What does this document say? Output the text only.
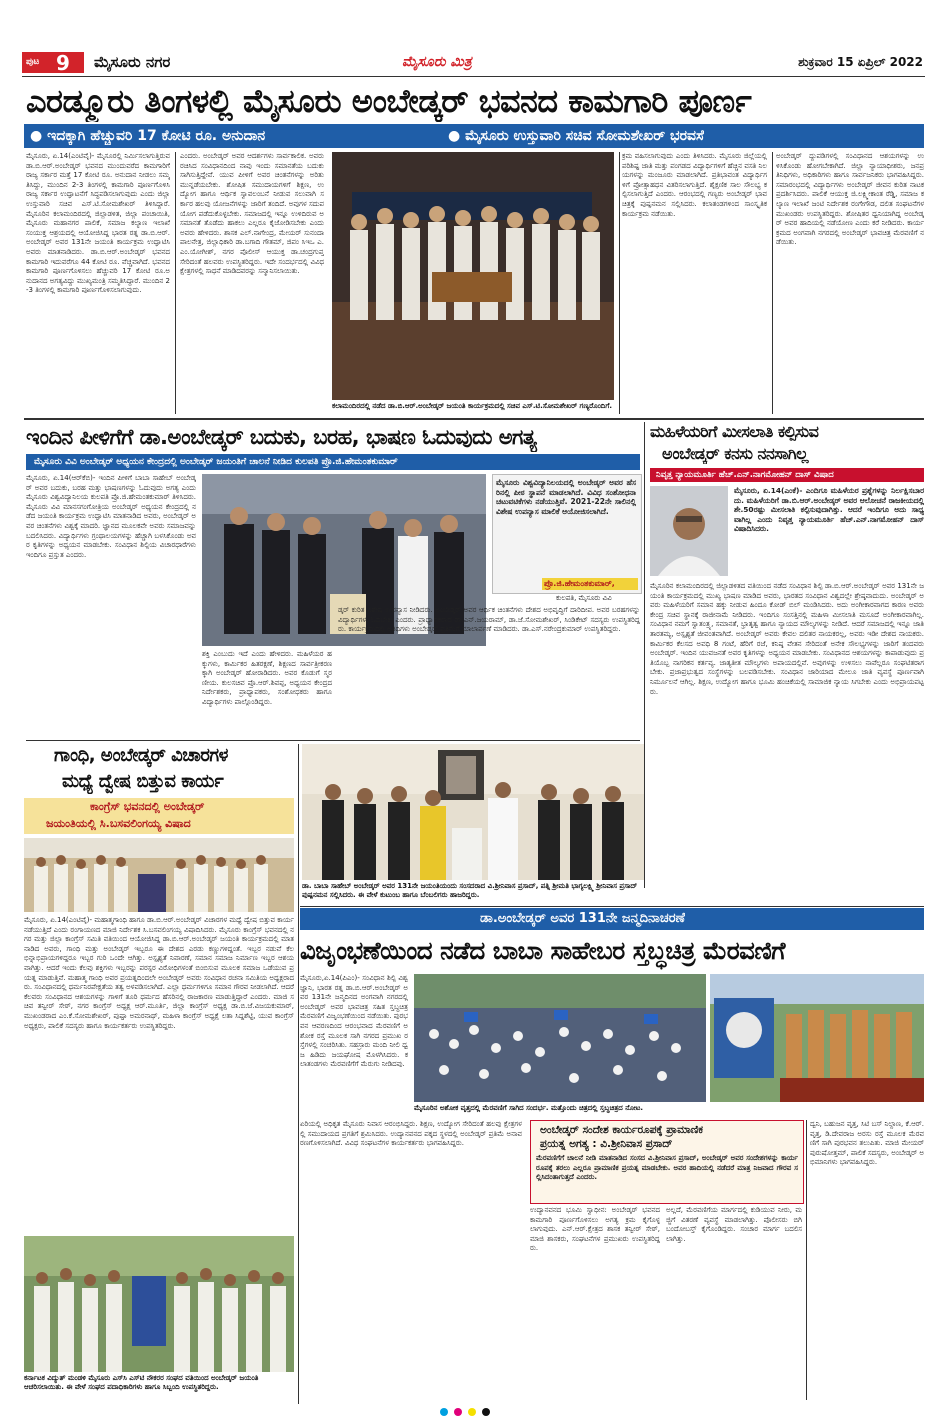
ಪುಟ 9 ಮೈಸೂರು ನಗರ	ಮೈಸೂರು ಮಿತ್ರ	ಶುಕ್ರವಾರ 15 ಏಪ್ರಿಲ್ 2022
ಎರಡ್ಮೂರು ತಿಂಗಳಲ್ಲಿ ಮೈಸೂರು ಅಂಬೇಡ್ಕರ್ ಭವನದ ಕಾಮಗಾರಿ ಪೂರ್ಣ
● ಇದಕ್ಕಾಗಿ ಹೆಚ್ಚುವರಿ 17 ಕೋಟಿ ರೂ. ಅನುದಾನ	● ಮೈಸೂರು ಉಸ್ತುವಾರಿ ಸಚಿವ ಸೋಮಶೇಖರ್ ಭರವಸೆ
ಮೈಸೂರು, ಏ.14(ಎಂಟಿವೈ)- ಮೈಸೂರಲ್ಲಿ ನಿರ್ಮಿಸಲಾಗುತ್ತಿರುವ ಡಾ.ಬಿ.ಆರ್.ಅಂಬೇಡ್ಕರ್ ಭವನದ ಮುಂದುವರೆದ ಕಾಮಗಾರಿಗೆ ರಾಜ್ಯ ಸರ್ಕಾರ ಮತ್ತೆ 17 ಕೋಟಿ ರೂ. ಅನುದಾನ ನೀಡಲು ಸಮ್ಮತಿಸಿದ್ದು, ಮುಂದಿನ 2-3 ತಿಂಗಳಲ್ಲಿ ಕಾಮಗಾರಿ ಪೂರ್ಣಗೊಳಿಸಿ ರಾಜ್ಯ ಸರ್ಕಾರ ಉದ್ಘಾಟನೆಗೆ ಸಿದ್ಧಪಡಿಸಲಾಗುವುದು ಎಂದು ಜಿಲ್ಲಾ ಉಸ್ತುವಾರಿ ಸಚಿವ ಎಸ್.ಟಿ.ಸೋಮಶೇಖರ್ ತಿಳಿಸಿದ್ದಾರೆ. ಮೈಸೂರಿನ ಕಲಾಮಂದಿರದಲ್ಲಿ ಜಿಲ್ಲಾಡಳಿತ, ಜಿಲ್ಲಾ ಪಂಚಾಯಿತಿ, ಮೈಸೂರು ಮಹಾನಗರ ಪಾಲಿಕೆ, ಸಮಾಜ ಕಲ್ಯಾಣ ಇಲಾಖೆ ಸಂಯುಕ್ತ ಆಶ್ರಯದಲ್ಲಿ ಆಯೋಜಿಸಿದ್ದ ಭಾರತ ರತ್ನ ಡಾ.ಬಿ.ಆರ್.ಅಂಬೇಡ್ಕರ್ ಅವರ 131ನೇ ಜಯಂತಿ ಕಾರ್ಯಕ್ರಮ ಉದ್ಘಾಟಿಸಿ ಅವರು ಮಾತನಾಡಿದರು. ಡಾ.ಬಿ.ಆರ್.ಅಂಬೇಡ್ಕರ್ ಭವನದ ಕಾಮಗಾರಿ ಇದುವರೆಗೂ 44 ಕೋಟಿ ರೂ. ವೆಚ್ಚವಾಗಿದೆ. ಭವನದ ಕಾಮಗಾರಿ ಪೂರ್ಣಗೊಳಿಸಲು ಹೆಚ್ಚುವರಿ 17 ಕೋಟಿ ರೂ.ಅನುದಾನದ ಅಗತ್ಯವಿದ್ದು ಮುಖ್ಯಮಂತ್ರಿ ಸಮ್ಮತಿಸಿದ್ದಾರೆ. ಮುಂದಿನ 2-3 ತಿಂಗಳಲ್ಲಿ ಕಾಮಗಾರಿ ಪೂರ್ಣಗೊಳಿಸಲಾಗುವುದು.
ಎಂದರು. ಅಂಬೇಡ್ಕರ್ ಅವರ ಆದರ್ಶಗಳು ಸಾರ್ವಕಾಲಿಕ. ಅವರು ರಚಿಸಿದ ಸಂವಿಧಾನದಿಂದ ನಾವು ಇಂದು ಸಮಾನತೆಯ ಬದುಕು ಸಾಗಿಸುತ್ತಿದ್ದೇವೆ. ಯುವ ಪೀಳಿಗೆ ಅವರ ಚಿಂತನೆಗಳನ್ನು ಅರಿತು ಮುನ್ನಡೆಯಬೇಕು. ಶೋಷಿತ ಸಮುದಾಯಗಳಿಗೆ ಶಿಕ್ಷಣ, ಉದ್ಯೋಗ ಹಾಗೂ ಆರ್ಥಿಕ ಸ್ವಾವಲಂಬನೆ ನೀಡುವ ಸಲುವಾಗಿ ಸರ್ಕಾರ ಹಲವು ಯೋಜನೆಗಳನ್ನು ಜಾರಿಗೆ ತಂದಿದೆ. ಅವುಗಳ ಸದುಪಯೋಗ ಪಡೆದುಕೊಳ್ಳಬೇಕು. ಸಮಾಜದಲ್ಲಿ ಇನ್ನೂ ಉಳಿದಿರುವ ಅಸಮಾನತೆ ತೊಡೆದು ಹಾಕಲು ಎಲ್ಲರೂ ಕೈಜೋಡಿಸಬೇಕು ಎಂದು ಅವರು ಹೇಳಿದರು. ಶಾಸಕ ಎಲ್.ನಾಗೇಂದ್ರ, ಮೇಯರ್ ಸುನಂದಾ ಪಾಲನೇತ್ರ, ಜಿಲ್ಲಾಧಿಕಾರಿ ಡಾ.ಬಗಾದಿ ಗೌತಮ್, ಜಿಪಂ ಸಿಇಒ ಎ.ಎಂ.ಯೋಗೀಶ್, ನಗರ ಪೊಲೀಸ್ ಆಯುಕ್ತ ಡಾ.ಚಂದ್ರಗುಪ್ತ ಸೇರಿದಂತೆ ಹಲವರು ಉಪಸ್ಥಿತರಿದ್ದರು. ಇದೇ ಸಂದರ್ಭದಲ್ಲಿ ವಿವಿಧ ಕ್ಷೇತ್ರಗಳಲ್ಲಿ ಸಾಧನೆ ಮಾಡಿದವರನ್ನು ಸನ್ಮಾನಿಸಲಾಯಿತು.
ಕಲಾಮಂದಿರದಲ್ಲಿ ನಡೆದ ಡಾ.ಬಿ.ಆರ್.ಅಂಬೇಡ್ಕರ್ ಜಯಂತಿ ಕಾರ್ಯಕ್ರಮದಲ್ಲಿ ಸಚಿವ ಎಸ್.ಟಿ.ಸೋಮಶೇಖರ್ ಗಣ್ಯರೊಂದಿಗೆ.
ಕ್ರಮ ವಹಿಸಲಾಗುವುದು ಎಂದು ತಿಳಿಸಿದರು. ಮೈಸೂರು ಜಿಲ್ಲೆಯಲ್ಲಿ ಪರಿಶಿಷ್ಟ ಜಾತಿ ಮತ್ತು ಪಂಗಡದ ವಿದ್ಯಾರ್ಥಿಗಳಿಗೆ ಹೆಚ್ಚಿನ ವಸತಿ ನಿಲಯಗಳನ್ನು ಮಂಜೂರು ಮಾಡಲಾಗಿದೆ. ಪ್ರತಿಭಾವಂತ ವಿದ್ಯಾರ್ಥಿಗಳಿಗೆ ಪ್ರೋತ್ಸಾಹಧನ ವಿತರಿಸಲಾಗುತ್ತಿದೆ. ಶೈಕ್ಷಣಿಕ ಸಾಲ ಸೌಲಭ್ಯ ಕಲ್ಪಿಸಲಾಗುತ್ತಿದೆ ಎಂದರು. ಆರಂಭದಲ್ಲಿ ಗಣ್ಯರು ಅಂಬೇಡ್ಕರ್ ಭಾವಚಿತ್ರಕ್ಕೆ ಪುಷ್ಪನಮನ ಸಲ್ಲಿಸಿದರು. ಕಲಾತಂಡಗಳಿಂದ ಸಾಂಸ್ಕೃತಿಕ ಕಾರ್ಯಕ್ರಮ ನಡೆಯಿತು.
ಅಂಬೇಡ್ಕರ್ ದ್ದುಪಡಿಗಳಲ್ಲಿ ಸಂವಿಧಾನದ ಆಶಯಗಳನ್ನು ಉಳಿಸಿಕೊಂಡು ಹೋಗಬೇಕಾಗಿದೆ. ಜಿಲ್ಲಾ ನ್ಯಾಯಾಧೀಶರು, ಜನಪ್ರತಿನಿಧಿಗಳು, ಅಧಿಕಾರಿಗಳು ಹಾಗೂ ಸಾರ್ವಜನಿಕರು ಭಾಗವಹಿಸಿದ್ದರು. ಸಮಾರಂಭದಲ್ಲಿ ವಿದ್ಯಾರ್ಥಿಗಳು ಅಂಬೇಡ್ಕರ್ ಜೀವನ ಕುರಿತ ನಾಟಕ ಪ್ರದರ್ಶಿಸಿದರು. ಪಾಲಿಕೆ ಆಯುಕ್ತ ಜಿ.ಲಕ್ಷ್ಮೀಕಾಂತ ರೆಡ್ಡಿ, ಸಮಾಜ ಕಲ್ಯಾಣ ಇಲಾಖೆ ಜಂಟಿ ನಿರ್ದೇಶಕ ರಂಗೇಗೌಡ, ದಲಿತ ಸಂಘಟನೆಗಳ ಮುಖಂಡರು ಉಪಸ್ಥಿತರಿದ್ದರು. ಶೋಷಿತರ ಧ್ವನಿಯಾಗಿದ್ದ ಅಂಬೇಡ್ಕರ್ ಅವರ ಹಾದಿಯಲ್ಲಿ ನಡೆಯೋಣ ಎಂದು ಕರೆ ನೀಡಿದರು. ಕಾರ್ಯಕ್ರಮದ ಅಂಗವಾಗಿ ನಗರದಲ್ಲಿ ಅಂಬೇಡ್ಕರ್ ಭಾವಚಿತ್ರ ಮೆರವಣಿಗೆ ನಡೆಯಿತು.
ಇಂದಿನ ಪೀಳಿಗೆಗೆ ಡಾ.ಅಂಬೇಡ್ಕರ್ ಬದುಕು, ಬರಹ, ಭಾಷಣ ಓದುವುದು ಅಗತ್ಯ
ಮೈಸೂರು ವಿವಿ ಅಂಬೇಡ್ಕರ್ ಅಧ್ಯಯನ ಕೇಂದ್ರದಲ್ಲಿ ಅಂಬೇಡ್ಕರ್ ಜಯಂತಿಗೆ ಚಾಲನೆ ನೀಡಿದ ಕುಲಪತಿ ಪ್ರೊ.ಜಿ.ಹೇಮಂತಕುಮಾರ್
ಮೈಸೂರು, ಏ.14(ಆರ್‌ಕೆಬಿ)- ಇಂದಿನ ಪೀಳಿಗೆ ಬಾಬಾ ಸಾಹೇಬ್ ಅಂಬೇಡ್ಕರ್ ಅವರ ಬದುಕು, ಬರಹ ಮತ್ತು ಭಾಷಣಗಳನ್ನು ಓದುವುದು ಅಗತ್ಯ ಎಂದು ಮೈಸೂರು ವಿಶ್ವವಿದ್ಯಾನಿಲಯ ಕುಲಪತಿ ಪ್ರೊ.ಜಿ.ಹೇಮಂತಕುಮಾರ್ ತಿಳಿಸಿದರು. ಮೈಸೂರು ವಿವಿ ಮಾನಸಗಂಗೋತ್ರಿಯ ಅಂಬೇಡ್ಕರ್ ಅಧ್ಯಯನ ಕೇಂದ್ರದಲ್ಲಿ ನಡೆದ ಜಯಂತಿ ಕಾರ್ಯಕ್ರಮ ಉದ್ಘಾಟಿಸಿ ಮಾತನಾಡಿದ ಅವರು, ಅಂಬೇಡ್ಕರ್ ಅವರ ಚಿಂತನೆಗಳು ವಿಶ್ವಕ್ಕೆ ಮಾದರಿ. ಜ್ಞಾನದ ಮೂಲಕವೇ ಅವರು ಸಮಾಜವನ್ನು ಬದಲಿಸಿದರು. ವಿದ್ಯಾರ್ಥಿಗಳು ಗ್ರಂಥಾಲಯಗಳನ್ನು ಹೆಚ್ಚಾಗಿ ಬಳಸಿಕೊಂಡು ಅವರ ಕೃತಿಗಳನ್ನು ಅಧ್ಯಯನ ಮಾಡಬೇಕು. ಸಂವಿಧಾನ ಶಿಲ್ಪಿಯ ವಿಚಾರಧಾರೆಗಳು ಇಂದಿಗೂ ಪ್ರಸ್ತುತ ಎಂದರು.
ಮೈಸೂರು ವಿಶ್ವವಿದ್ಯಾನಿಲಯದಲ್ಲಿ ಅಂಬೇಡ್ಕರ್ ಅವರ ಹೆಸರಿನಲ್ಲಿ ಪೀಠ ಸ್ಥಾಪನೆ ಮಾಡಲಾಗಿದೆ. ವಿವಿಧ ಸಂಶೋಧನಾ ಚಟುವಟಿಕೆಗಳು ನಡೆಯುತ್ತಿವೆ. 2021-22ನೇ ಸಾಲಿನಲ್ಲಿ ವಿಶೇಷ ಉಪನ್ಯಾಸ ಮಾಲಿಕೆ ಆಯೋಜಿಸಲಾಗಿದೆ.
ಪ್ರೊ.ಜಿ.ಹೇಮಂತಕುಮಾರ್,
ಕುಲಪತಿ, ಮೈಸೂರು ವಿವಿ
ಶಕ್ತಿ ಎಂಬುದು ಇದೆ ಎಂದು ಹೇಳಿದರು. ಮಹಿಳೆಯರ ಹಕ್ಕುಗಳು, ಕಾರ್ಮಿಕರ ಹಿತರಕ್ಷಣೆ, ಶಿಕ್ಷಣದ ಸಾರ್ವತ್ರೀಕರಣಕ್ಕಾಗಿ ಅಂಬೇಡ್ಕರ್ ಹೋರಾಡಿದರು. ಅವರ ಕೊಡುಗೆ ಸ್ಮರಣೀಯ. ಕುಲಸಚಿವ ಪ್ರೊ.ಆರ್.ಶಿವಪ್ಪ, ಅಧ್ಯಯನ ಕೇಂದ್ರದ ನಿರ್ದೇಶಕರು, ಪ್ರಾಧ್ಯಾಪಕರು, ಸಂಶೋಧಕರು ಹಾಗೂ ವಿದ್ಯಾರ್ಥಿಗಳು ಪಾಲ್ಗೊಂಡಿದ್ದರು.
ಡ್ಕರ್ ಕುರಿತ ವಿಶೇಷ ಉಪನ್ಯಾಸ ನೀಡಿದರು. ಅಂಬೇಡ್ಕರ್ ಅವರ ಆರ್ಥಿಕ ಚಿಂತನೆಗಳು ದೇಶದ ಅಭಿವೃದ್ಧಿಗೆ ದಾರಿದೀಪ. ಅವರ ಬರಹಗಳನ್ನು ವಿದ್ಯಾರ್ಥಿಗಳು ಓದಬೇಕು ಎಂದರು. ಪ್ರಾಧ್ಯಾಪಕರಾದ ಡಾ.ಎನ್.ಜಯರಾಮ್, ಡಾ.ಜೆ.ಸೋಮಶೇಖರ್, ಸಿಂಡಿಕೇಟ್ ಸದಸ್ಯರು ಉಪಸ್ಥಿತರಿದ್ದರು. ಕಾರ್ಯಕ್ರಮದಲ್ಲಿ ಅತಿಥಿಗಳು ಅಂಬೇಡ್ಕರ್ ಪ್ರತಿಮೆಗೆ ಮಾಲಾರ್ಪಣೆ ಮಾಡಿದರು. ಡಾ.ಎಸ್.ನರೇಂದ್ರಕುಮಾರ್ ಉಪಸ್ಥಿತರಿದ್ದರು.
ಮಹಿಳೆಯರಿಗೆ ಮೀಸಲಾತಿ ಕಲ್ಪಿಸುವ
ಅಂಬೇಡ್ಕರ್ ಕನಸು ನನಸಾಗಿಲ್ಲ
ನಿವೃತ್ತ ನ್ಯಾಯಮೂರ್ತಿ ಹೆಚ್.ಎನ್.ನಾಗಮೋಹನ್ ದಾಸ್ ವಿಷಾದ
ಮೈಸೂರು, ಏ.14(ಎಂಕೆ)- ಎಂದಿಗೂ ಮಹಿಳೆಯರ ಪ್ರಶ್ನೆಗಳನ್ನು ನಿರ್ಲಕ್ಷಿಸಬಾರದು. ಮಹಿಳೆಯರಿಗೆ ಡಾ.ಬಿ.ಆರ್.ಅಂಬೇಡ್ಕರ್ ಅವರ ಆಲೋಚನೆ ರಾಜಕೀಯದಲ್ಲಿ ಶೇ.50ರಷ್ಟು ಮೀಸಲಾತಿ ಕಲ್ಪಿಸುವುದಾಗಿತ್ತು. ಆದರೆ ಇಂದಿಗೂ ಅದು ಸಾಧ್ಯವಾಗಿಲ್ಲ ಎಂದು ನಿವೃತ್ತ ನ್ಯಾಯಮೂರ್ತಿ ಹೆಚ್.ಎನ್.ನಾಗಮೋಹನ್ ದಾಸ್ ವಿಷಾದಿಸಿದರು.
ಮೈಸೂರಿನ ಕಲಾಮಂದಿರದಲ್ಲಿ ಜಿಲ್ಲಾಡಳಿತದ ವತಿಯಿಂದ ನಡೆದ ಸಂವಿಧಾನ ಶಿಲ್ಪಿ ಡಾ.ಬಿ.ಆರ್.ಅಂಬೇಡ್ಕರ್ ಅವರ 131ನೇ ಜಯಂತಿ ಕಾರ್ಯಕ್ರಮದಲ್ಲಿ ಮುಖ್ಯ ಭಾಷಣ ಮಾಡಿದ ಅವರು, ಭಾರತದ ಸಂವಿಧಾನ ವಿಶ್ವದಲ್ಲೇ ಶ್ರೇಷ್ಠವಾದುದು. ಅಂಬೇಡ್ಕರ್ ಅವರು ಮಹಿಳೆಯರಿಗೆ ಸಮಾನ ಹಕ್ಕು ನೀಡುವ ಹಿಂದೂ ಕೋಡ್ ಬಿಲ್ ಮಂಡಿಸಿದರು. ಅದು ಅಂಗೀಕಾರವಾಗದ ಕಾರಣ ಅವರು ಕೇಂದ್ರ ಸಚಿವ ಸ್ಥಾನಕ್ಕೆ ರಾಜೀನಾಮೆ ನೀಡಿದರು. ಇಂದಿಗೂ ಸಂಸತ್ತಿನಲ್ಲಿ ಮಹಿಳಾ ಮೀಸಲಾತಿ ಮಸೂದೆ ಅಂಗೀಕಾರವಾಗಿಲ್ಲ. ಸಂವಿಧಾನ ನಮಗೆ ಸ್ವಾತಂತ್ರ್ಯ, ಸಮಾನತೆ, ಭ್ರಾತೃತ್ವ ಹಾಗೂ ನ್ಯಾಯದ ಮೌಲ್ಯಗಳನ್ನು ನೀಡಿದೆ. ಆದರೆ ಸಮಾಜದಲ್ಲಿ ಇನ್ನೂ ಜಾತಿ ತಾರತಮ್ಯ, ಅಸ್ಪೃಶ್ಯತೆ ಜೀವಂತವಾಗಿದೆ. ಅಂಬೇಡ್ಕರ್ ಅವರು ಕೇವಲ ದಲಿತರ ನಾಯಕರಲ್ಲ, ಅವರು ಇಡೀ ದೇಶದ ನಾಯಕರು. ಕಾರ್ಮಿಕರ ಕೆಲಸದ ಅವಧಿ 8 ಗಂಟೆ, ಹೆರಿಗೆ ರಜೆ, ಕನಿಷ್ಠ ವೇತನ ಸೇರಿದಂತೆ ಅನೇಕ ಸೌಲಭ್ಯಗಳನ್ನು ಜಾರಿಗೆ ತಂದವರು ಅಂಬೇಡ್ಕರ್. ಇಂದಿನ ಯುವಜನತೆ ಅವರ ಕೃತಿಗಳನ್ನು ಅಧ್ಯಯನ ಮಾಡಬೇಕು. ಸಂವಿಧಾನದ ಆಶಯಗಳನ್ನು ಕಾಪಾಡುವುದು ಪ್ರತಿಯೊಬ್ಬ ನಾಗರಿಕನ ಕರ್ತವ್ಯ. ಜಾತ್ಯತೀತ ಮೌಲ್ಯಗಳು ಅಪಾಯದಲ್ಲಿವೆ. ಅವುಗಳನ್ನು ಉಳಿಸಲು ನಾವೆಲ್ಲರೂ ಸಂಘಟಿತರಾಗಬೇಕು. ಪ್ರಜಾಪ್ರಭುತ್ವದ ಸಂಸ್ಥೆಗಳನ್ನು ಬಲಪಡಿಸಬೇಕು. ಸಂವಿಧಾನ ಜಾರಿಯಾದ ಮೇಲೂ ಜಾತಿ ವ್ಯವಸ್ಥೆ ಪೂರ್ಣವಾಗಿ ನಿರ್ಮೂಲನೆ ಆಗಿಲ್ಲ. ಶಿಕ್ಷಣ, ಉದ್ಯೋಗ ಹಾಗೂ ಭೂಮಿ ಹಂಚಿಕೆಯಲ್ಲಿ ಸಾಮಾಜಿಕ ನ್ಯಾಯ ಸಿಗಬೇಕು ಎಂದು ಅಭಿಪ್ರಾಯಪಟ್ಟರು.
ಗಾಂಧಿ, ಅಂಬೇಡ್ಕರ್ ವಿಚಾರಗಳ
ಮಧ್ಯೆ ದ್ವೇಷ ಬಿತ್ತುವ ಕಾರ್ಯ
ಕಾಂಗ್ರೆಸ್ ಭವನದಲ್ಲಿ ಅಂಬೇಡ್ಕರ್
ಜಯಂತಿಯಲ್ಲಿ ಸಿ.ಬಸವಲಿಂಗಯ್ಯ ವಿಷಾದ
ಮೈಸೂರು, ಏ.14(ಎಂಟಿವೈ)- ಮಹಾತ್ಮಗಾಂಧಿ ಹಾಗೂ ಡಾ.ಬಿ.ಆರ್.ಅಂಬೇಡ್ಕರ್ ವಿಚಾರಗಳ ಮಧ್ಯೆ ದ್ವೇಷ ಬಿತ್ತುವ ಕಾರ್ಯ ನಡೆಯುತ್ತಿದೆ ಎಂದು ರಂಗಾಯಣದ ಮಾಜಿ ನಿರ್ದೇಶಕ ಸಿ.ಬಸವಲಿಂಗಯ್ಯ ವಿಷಾದಿಸಿದರು. ಮೈಸೂರು ಕಾಂಗ್ರೆಸ್ ಭವನದಲ್ಲಿ ನಗರ ಮತ್ತು ಜಿಲ್ಲಾ ಕಾಂಗ್ರೆಸ್ ಸಮಿತಿ ವತಿಯಿಂದ ಆಯೋಜಿಸಿದ್ದ ಡಾ.ಬಿ.ಆರ್.ಅಂಬೇಡ್ಕರ್ ಜಯಂತಿ ಕಾರ್ಯಕ್ರಮದಲ್ಲಿ ಮಾತನಾಡಿದ ಅವರು, ಗಾಂಧಿ ಮತ್ತು ಅಂಬೇಡ್ಕರ್ ಇಬ್ಬರೂ ಈ ದೇಶದ ಎರಡು ಕಣ್ಣುಗಳಿದ್ದಂತೆ. ಇಬ್ಬರ ನಡುವೆ ಕೆಲ ಭಿನ್ನಾಭಿಪ್ರಾಯಗಳಿದ್ದರೂ ಇಬ್ಬರ ಗುರಿ ಒಂದೇ ಆಗಿತ್ತು. ಅಸ್ಪೃಶ್ಯತೆ ನಿವಾರಣೆ, ಸಮಾನ ಸಮಾಜ ನಿರ್ಮಾಣ ಇಬ್ಬರ ಆಶಯವಾಗಿತ್ತು. ಆದರೆ ಇಂದು ಕೆಲವು ಶಕ್ತಿಗಳು ಇಬ್ಬರನ್ನು ಪರಸ್ಪರ ವಿರೋಧಿಗಳಂತೆ ಬಿಂಬಿಸುವ ಮೂಲಕ ಸಮಾಜ ಒಡೆಯುವ ಪ್ರಯತ್ನ ಮಾಡುತ್ತಿವೆ. ಮಹಾತ್ಮ ಗಾಂಧಿ ಅವರ ಪ್ರಯತ್ನದಿಂದಲೇ ಅಂಬೇಡ್ಕರ್ ಅವರು ಸಂವಿಧಾನ ರಚನಾ ಸಮಿತಿಯ ಅಧ್ಯಕ್ಷರಾದರು. ಸಂವಿಧಾನದಲ್ಲಿ ಧರ್ಮನಿರಪೇಕ್ಷತೆಯ ತತ್ವ ಅಳವಡಿಸಲಾಗಿದೆ. ಎಲ್ಲಾ ಧರ್ಮಗಳಿಗೂ ಸಮಾನ ಗೌರವ ನೀಡಲಾಗಿದೆ. ಆದರೆ ಕೆಲವರು ಸಂವಿಧಾನದ ಆಶಯಗಳನ್ನು ಗಾಳಿಗೆ ತೂರಿ ಧರ್ಮದ ಹೆಸರಿನಲ್ಲಿ ರಾಜಕಾರಣ ಮಾಡುತ್ತಿದ್ದಾರೆ ಎಂದರು. ಮಾಜಿ ಸಚಿವ ತನ್ವೀರ್ ಸೇಠ್, ನಗರ ಕಾಂಗ್ರೆಸ್ ಅಧ್ಯಕ್ಷ ಆರ್.ಮೂರ್ತಿ, ಜಿಲ್ಲಾ ಕಾಂಗ್ರೆಸ್ ಅಧ್ಯಕ್ಷ ಡಾ.ಬಿ.ಜೆ.ವಿಜಯಕುಮಾರ್, ಮುಖಂಡರಾದ ಎಂ.ಕೆ.ಸೋಮಶೇಖರ್, ಪುಷ್ಪಾ ಅಮರನಾಥ್, ಮಹಿಳಾ ಕಾಂಗ್ರೆಸ್ ಅಧ್ಯಕ್ಷೆ ಲತಾ ಸಿದ್ದಶೆಟ್ಟಿ, ಯುವ ಕಾಂಗ್ರೆಸ್ ಅಧ್ಯಕ್ಷರು, ಪಾಲಿಕೆ ಸದಸ್ಯರು ಹಾಗೂ ಕಾರ್ಯಕರ್ತರು ಉಪಸ್ಥಿತರಿದ್ದರು.
ಕರ್ನಾಟಕ ವಿದ್ಯುತ್ ಮಂಡಳಿ ಮೈಸೂರು ಎಸ್‌ಸಿ ಎಸ್‌ಟಿ ನೌಕರರ ಸಂಘದ ವತಿಯಿಂದ ಅಂಬೇಡ್ಕರ್ ಜಯಂತಿ ಆಚರಿಸಲಾಯಿತು. ಈ ವೇಳೆ ಸಂಘದ ಪದಾಧಿಕಾರಿಗಳು ಹಾಗೂ ಸಿಬ್ಬಂದಿ ಉಪಸ್ಥಿತರಿದ್ದರು.
ಡಾ. ಬಾಬಾ ಸಾಹೇಬ್ ಅಂಬೇಡ್ಕರ್ ಅವರ 131ನೇ ಜಯಂತಿಯಂದು ಸಂಸದರಾದ ವಿ.ಶ್ರೀನಿವಾಸ ಪ್ರಸಾದ್, ಪತ್ನಿ ಶ್ರೀಮತಿ ಭಾಗ್ಯಲಕ್ಷ್ಮಿ ಶ್ರೀನಿವಾಸ ಪ್ರಸಾದ್ ಪುಷ್ಪನಮನ ಸಲ್ಲಿಸಿದರು. ಈ ವೇಳೆ ಕುಟುಂಬ ಹಾಗೂ ಬೆಂಬಲಿಗರು ಹಾಜರಿದ್ದರು.
ಡಾ.ಅಂಬೇಡ್ಕರ್ ಅವರ 131ನೇ ಜನ್ಮದಿನಾಚರಣೆ
ವಿಜೃಂಭಣೆಯಿಂದ ನಡೆದ ಬಾಬಾ ಸಾಹೇಬರ ಸ್ತಬ್ಧಚಿತ್ರ ಮೆರವಣಿಗೆ
ಮೈಸೂರು,ಏ.14(ಪಿಎಂ)- ಸಂವಿಧಾನ ಶಿಲ್ಪಿ ವಿಶ್ವಜ್ಞಾನಿ, ಭಾರತ ರತ್ನ ಡಾ.ಬಿ.ಆರ್.ಅಂಬೇಡ್ಕರ್ ಅವರ 131ನೇ ಜನ್ಮದಿನದ ಅಂಗವಾಗಿ ನಗರದಲ್ಲಿ ಅಂಬೇಡ್ಕರ್ ಅವರ ಭಾವಚಿತ್ರ ಸಹಿತ ಸ್ತಬ್ಧಚಿತ್ರ ಮೆರವಣಿಗೆ ವಿಜೃಂಭಣೆಯಿಂದ ನಡೆಯಿತು. ಪುರಭವನ ಆವರಣದಿಂದ ಆರಂಭವಾದ ಮೆರವಣಿಗೆ ಅಶೋಕ ರಸ್ತೆ ಮೂಲಕ ಸಾಗಿ ನಗರದ ಪ್ರಮುಖ ರಸ್ತೆಗಳಲ್ಲಿ ಸಂಚರಿಸಿತು. ಸಹಸ್ರಾರು ಮಂದಿ ನೀಲಿ ಧ್ವಜ ಹಿಡಿದು ಜಯಘೋಷ ಮೊಳಗಿಸಿದರು. ಕಲಾತಂಡಗಳು ಮೆರವಣಿಗೆಗೆ ಮೆರುಗು ನೀಡಿದವು.
ಮೈಸೂರಿನ ಅಶೋಕ ವೃತ್ತದಲ್ಲಿ ಮೆರವಣಿಗೆ ಸಾಗಿದ ಸಂದರ್ಭ. ಮತ್ತೊಂದು ಚಿತ್ರದಲ್ಲಿ ಸ್ತಬ್ಧಚಿತ್ರದ ನೋಟ.
ಏರಿಯಲ್ಲಿ ಅಧಿಕೃತ ಮೈಸೂರು ನಿವಾಸ ಆರಂಭಿಸಿದ್ದರು. ಶಿಕ್ಷಣ, ಉದ್ಯೋಗ ಸೇರಿದಂತೆ ಹಲವು ಕ್ಷೇತ್ರಗಳಲ್ಲಿ ಸಮುದಾಯದ ಪ್ರಗತಿಗೆ ಶ್ರಮಿಸಿದರು. ಉದ್ಯಾನವನದ ಪಕ್ಕದ ಸ್ಥಳದಲ್ಲಿ ಅಂಬೇಡ್ಕರ್ ಪ್ರತಿಮೆ ಅನಾವರಣಗೊಳಿಸಲಾಗಿದೆ. ವಿವಿಧ ಸಂಘಟನೆಗಳ ಕಾರ್ಯಕರ್ತರು ಭಾಗವಹಿಸಿದ್ದರು.
ಅಂಬೇಡ್ಕರ್ ಸಂದೇಶ ಕಾರ್ಯರೂಪಕ್ಕೆ ಪ್ರಾಮಾಣಿಕ
ಪ್ರಯತ್ನ ಅಗತ್ಯ : ವಿ.ಶ್ರೀನಿವಾಸ ಪ್ರಸಾದ್
ಮೆರವಣಿಗೆಗೆ ಚಾಲನೆ ನೀಡಿ ಮಾತನಾಡಿದ ಸಂಸದ ವಿ.ಶ್ರೀನಿವಾಸ ಪ್ರಸಾದ್, ಅಂಬೇಡ್ಕರ್ ಅವರ ಸಂದೇಶಗಳನ್ನು ಕಾರ್ಯರೂಪಕ್ಕೆ ತರಲು ಎಲ್ಲರೂ ಪ್ರಾಮಾಣಿಕ ಪ್ರಯತ್ನ ಮಾಡಬೇಕು. ಅವರ ಹಾದಿಯಲ್ಲಿ ನಡೆದರೆ ಮಾತ್ರ ನಿಜವಾದ ಗೌರವ ಸಲ್ಲಿಸಿದಂತಾಗುತ್ತದೆ ಎಂದರು.
ಉದ್ಯಾನವನದ ಭೂಮಿ ಸ್ವಾಧೀನ: ಅಂಬೇಡ್ಕರ್ ಭವನದ ಕಾಮಗಾರಿ ಪೂರ್ಣಗೊಳಿಸಲು ಅಗತ್ಯ ಕ್ರಮ ಕೈಗೊಳ್ಳಲಾಗುವುದು. ಎನ್.ಆರ್.ಕ್ಷೇತ್ರದ ಶಾಸಕ ತನ್ವೀರ್ ಸೇಠ್, ಮಾಜಿ ಶಾಸಕರು, ಸಂಘಟನೆಗಳ ಪ್ರಮುಖರು ಉಪಸ್ಥಿತರಿದ್ದರು.
ಅಲ್ಲದೆ, ಮೆರವಣಿಗೆಯ ಮಾರ್ಗದಲ್ಲಿ ಕುಡಿಯುವ ನೀರು, ಮಜ್ಜಿಗೆ ವಿತರಣೆ ವ್ಯವಸ್ಥೆ ಮಾಡಲಾಗಿತ್ತು. ಪೊಲೀಸರು ಬಿಗಿ ಬಂದೋಬಸ್ತ್ ಕೈಗೊಂಡಿದ್ದರು. ಸಂಚಾರ ಮಾರ್ಗ ಬದಲಿಸಲಾಗಿತ್ತು.
ದ್ವನಿ, ಬಹುಜನ ವೃತ್ತ, ಸಿಟಿ ಬಸ್ ನಿಲ್ದಾಣ, ಕೆ.ಆರ್.ವೃತ್ತ, ಡಿ.ದೇವರಾಜ ಅರಸು ರಸ್ತೆ ಮೂಲಕ ಮೆರವಣಿಗೆ ಸಾಗಿ ಪುರಭವನ ತಲುಪಿತು. ಮಾಜಿ ಮೇಯರ್ ಪುರುಷೋತ್ತಮ್, ಪಾಲಿಕೆ ಸದಸ್ಯರು, ಅಂಬೇಡ್ಕರ್ ಅಭಿಮಾನಿಗಳು ಭಾಗವಹಿಸಿದ್ದರು.
